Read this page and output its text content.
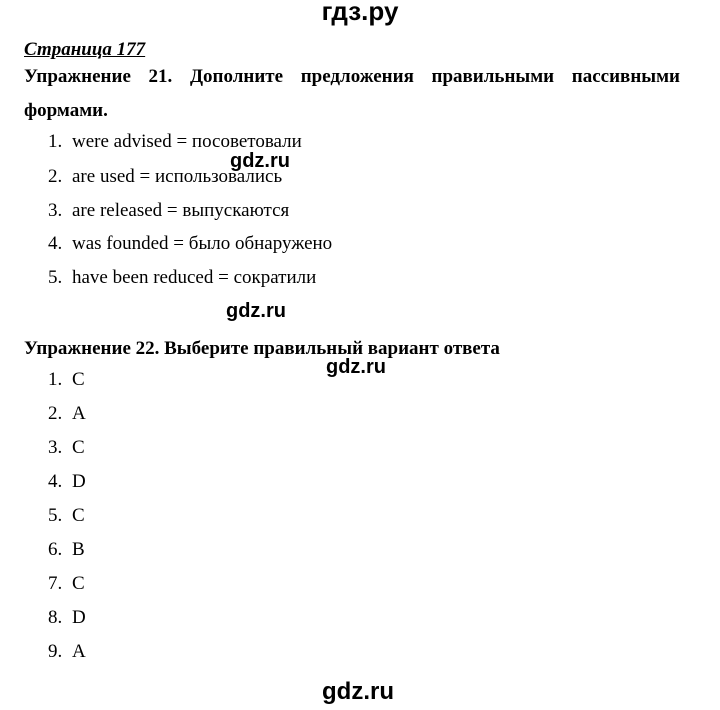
гдз.ру
Страница 177
Упражнение 21. Дополните предложения правильными пассивными
формами.
1. were advised = посоветовали
2. are used = использовались
3. are released = выпускаются
4. was founded = было обнаружено
5. have been reduced = сократили
Упражнение 22. Выберите правильный вариант ответа
1. C
2. A
3. C
4. D
5. C
6. B
7. C
8. D
9. A
gdz.ru
gdz.ru
gdz.ru
gdz.ru
